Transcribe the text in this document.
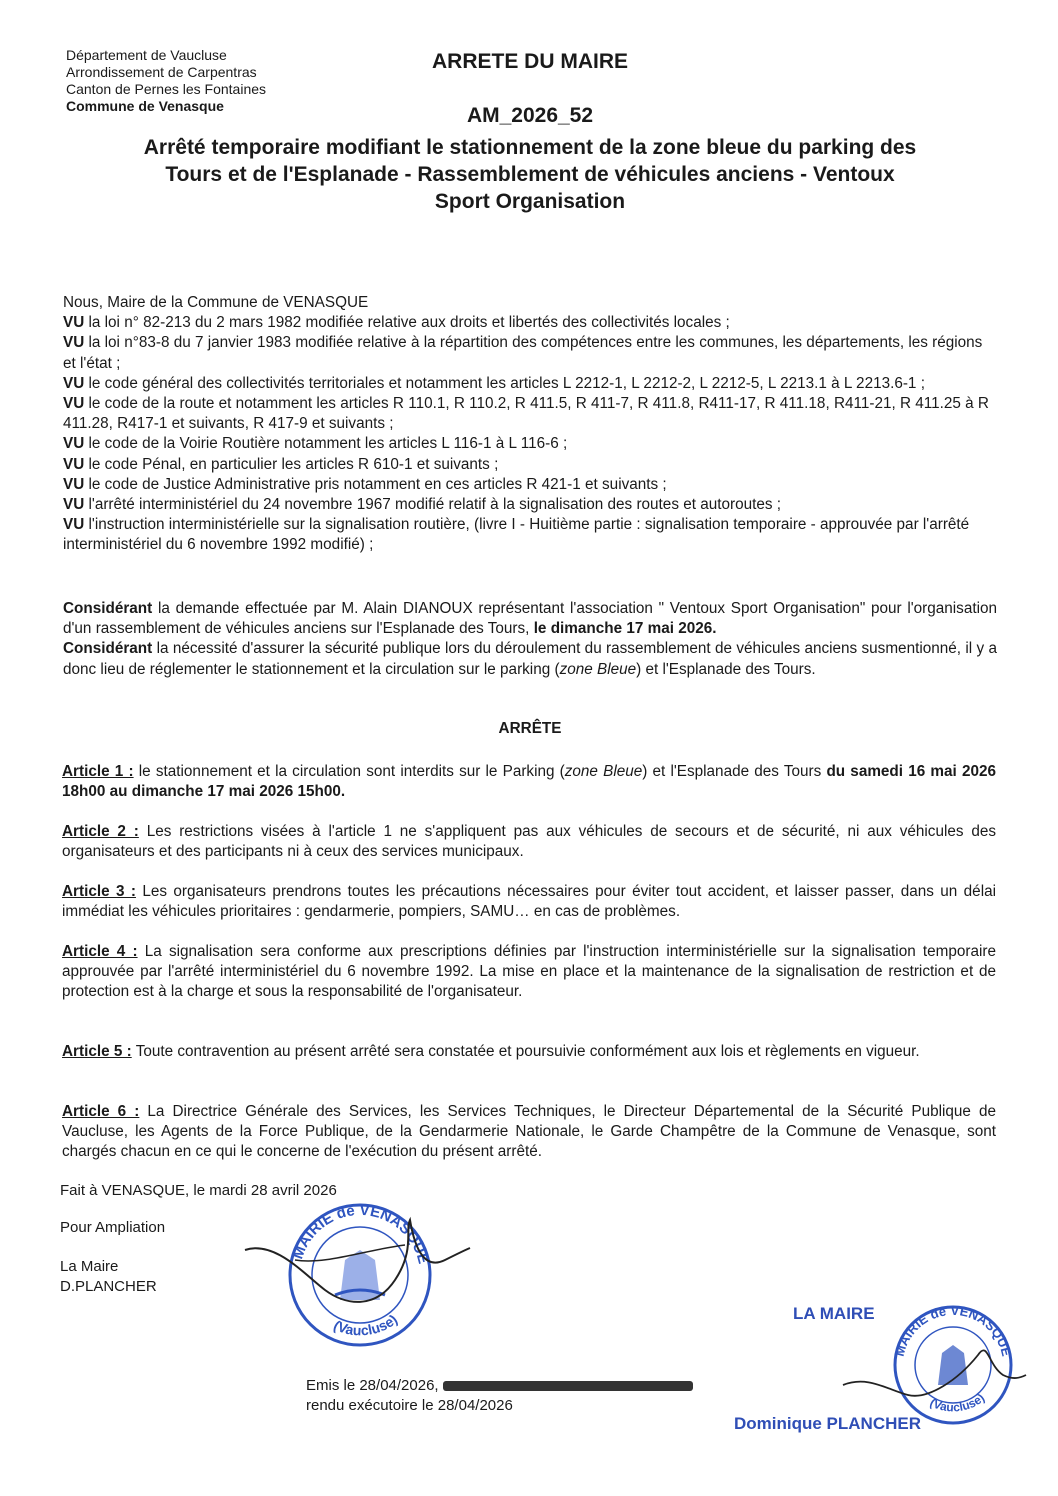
Département de Vaucluse
Arrondissement de Carpentras
Canton de Pernes les Fontaines
Commune de Venasque
ARRETE DU MAIRE
AM_2026_52
Arrêté temporaire modifiant le stationnement de la zone bleue du parking des
Tours et de l'Esplanade - Rassemblement de véhicules anciens - Ventoux
Sport Organisation

Nous, Maire de la Commune de VENASQUE

VU la loi n° 82-213 du 2 mars 1982 modifiée relative aux droits et libertés des collectivités locales ;

VU la loi n°83-8 du 7 janvier 1983 modifiée relative à la répartition des compétences entre les communes, les départements, les régions et l'état ;

VU le code général des collectivités territoriales et notamment les articles L 2212-1, L 2212-2, L 2212-5, L 2213.1 à L 2213.6-1 ;

VU le code de la route et notamment les articles R 110.1, R 110.2, R 411.5, R 411-7, R 411.8, R411-17, R 411.18, R411-21, R 411.25 à R 411.28, R417-1 et suivants, R 417-9 et suivants ;

VU le code de la Voirie Routière notamment les articles L 116-1 à L 116-6 ;

VU le code Pénal, en particulier les articles R 610-1 et suivants ;

VU le code de Justice Administrative pris notamment en ces articles R 421-1 et suivants ;

VU l'arrêté interministériel du 24 novembre 1967 modifié relatif à la signalisation des routes et autoroutes ;

VU l'instruction interministérielle sur la signalisation routière, (livre I - Huitième partie : signalisation temporaire - approuvée par l'arrêté interministériel du 6 novembre 1992 modifié) ;

Considérant la demande effectuée par M. Alain DIANOUX représentant l'association " Ventoux Sport Organisation" pour l'organisation d'un rassemblement de véhicules anciens sur l'Esplanade des Tours, le dimanche 17 mai 2026.

Considérant la nécessité d'assurer la sécurité publique lors du déroulement du rassemblement de véhicules anciens susmentionné, il y a donc lieu de réglementer le stationnement et la circulation sur le parking (zone Bleue) et l'Esplanade des Tours.

ARRÊTE
Article 1 : le stationnement et la circulation sont interdits sur le Parking (zone Bleue) et l'Esplanade des Tours du samedi 16 mai 2026 18h00 au dimanche 17 mai 2026 15h00.
Article 2 : Les restrictions visées à l'article 1 ne s'appliquent pas aux véhicules de secours et de sécurité, ni aux véhicules des organisateurs et des participants ni à ceux des services municipaux.
Article 3 : Les organisateurs prendrons toutes les précautions nécessaires pour éviter tout accident, et laisser passer, dans un délai immédiat les véhicules prioritaires : gendarmerie, pompiers, SAMU… en cas de problèmes.
Article 4 : La signalisation sera conforme aux prescriptions définies par l'instruction interministérielle sur la signalisation temporaire approuvée par l'arrêté interministériel du 6 novembre 1992. La mise en place et la maintenance de la signalisation de restriction et de protection est à la charge et sous la responsabilité de l'organisateur.
Article 5 : Toute contravention au présent arrêté sera constatée et poursuivie conformément aux lois et règlements en vigueur.
Article 6 : La Directrice Générale des Services, les Services Techniques, le Directeur Départemental de la Sécurité Publique de Vaucluse, les Agents de la Force Publique, de la Gendarmerie Nationale, le Garde Champêtre de la Commune de Venasque, sont chargés chacun en ce qui le concerne de l'exécution du présent arrêté.
Fait à VENASQUE, le mardi 28 avril 2026
Pour Ampliation
La Maire
D.PLANCHER
MAIRIE de VENASQUE
(Vaucluse)	LA MAIRE
MAIRIE de VENASQUE
(Vaucluse)
Dominique PLANCHER
Emis le 28/04/2026,
rendu exécutoire le 28/04/2026
